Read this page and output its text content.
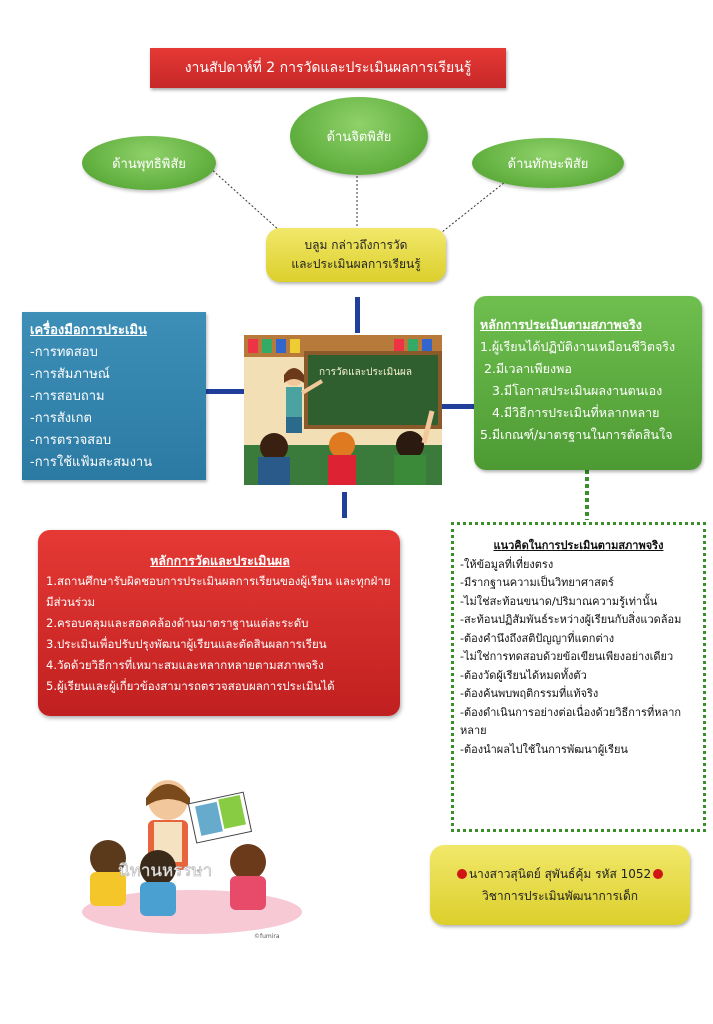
งานสัปดาห์ที่ 2 การวัดและประเมินผลการเรียนรู้
ด้านพุทธิพิสัย
ด้านจิตพิสัย
ด้านทักษะพิสัย
บลูม กล่าวถึงการวัด
และประเมินผลการเรียนรู้
การวัดและประเมินผล
เครื่องมือการประเมิน
-การทดสอบ
-การสัมภาษณ์
-การสอบถาม
-การสังเกต
-การตรวจสอบ
-การใช้แฟ้มสะสมงาน
หลักการประเมินตามสภาพจริง
1.ผู้เรียนได้ปฏิบัติงานเหมือนชีวิตจริง
2.มีเวลาเพียงพอ
3.มีโอกาสประเมินผลงานตนเอง
4.มีวิธีการประเมินที่หลากหลาย
5.มีเกณฑ์/มาตรฐานในการตัดสินใจ
หลักการวัดและประเมินผล
1.สถานศึกษารับผิดชอบการประเมินผลการเรียนของผู้เรียน และทุกฝ่ายมีส่วนร่วม
2.ครอบคลุมและสอดคล้องด้านมาตราฐานแต่ละระดับ
3.ประเมินเพื่อปรับปรุงพัฒนาผู้เรียนและตัดสินผลการเรียน
4.วัดด้วยวิธีการที่เหมาะสมและหลากหลายตามสภาพจริง
5.ผู้เรียนและผู้เกี่ยวข้องสามารถตรวจสอบผลการประเมินได้
แนวคิดในการประเมินตามสภาพจริง
-ให้ข้อมูลที่เที่ยงตรง
-มีรากฐานความเป็นวิทยาศาสตร์
-ไม่ใช่สะท้อนขนาด/ปริมาณความรู้เท่านั้น
-สะท้อนปฏิสัมพันธ์ระหว่างผู้เรียนกับสิ่งแวดล้อม
-ต้องคำนึงถึงสติปัญญาที่แตกต่าง
-ไม่ใช่การทดสอบด้วยข้อเขียนเพียงอย่างเดียว
-ต้องวัดผู้เรียนได้หมดทั้งตัว
-ต้องค้นพบพฤติกรรมที่แท้จริง
-ต้องดำเนินการอย่างต่อเนื่องด้วยวิธีการที่หลากหลาย
-ต้องนำผลไปใช้ในการพัฒนาผู้เรียน
นิทานหรรษา
©fumira
นางสาวสุนิตย์ สุพันธ์คุ้ม รหัส 1052
วิชาการประเมินพัฒนาการเด็ก
